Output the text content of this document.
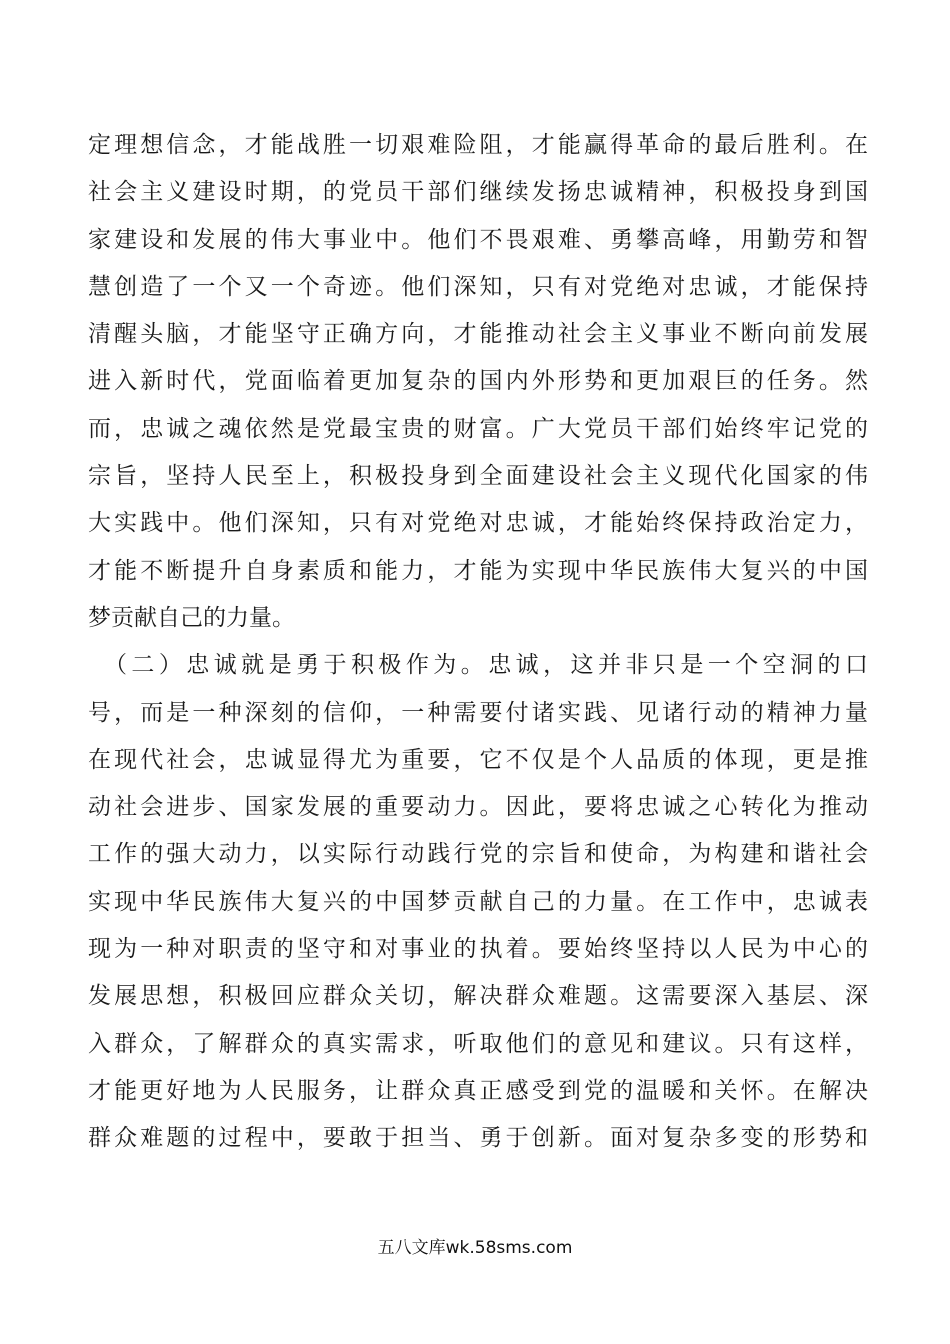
定理想信念，才能战胜一切艰难险阻，才能赢得革命的最后胜利。在
社会主义建设时期，的党员干部们继续发扬忠诚精神，积极投身到国
家建设和发展的伟大事业中。他们不畏艰难、勇攀高峰，用勤劳和智
慧创造了一个又一个奇迹。他们深知，只有对党绝对忠诚，才能保持
清醒头脑，才能坚守正确方向，才能推动社会主义事业不断向前发展
进入新时代，党面临着更加复杂的国内外形势和更加艰巨的任务。然
而，忠诚之魂依然是党最宝贵的财富。广大党员干部们始终牢记党的
宗旨，坚持人民至上，积极投身到全面建设社会主义现代化国家的伟
大实践中。他们深知，只有对党绝对忠诚，才能始终保持政治定力，
才能不断提升自身素质和能力，才能为实现中华民族伟大复兴的中国
梦贡献自己的力量。
　（二）忠诚就是勇于积极作为。忠诚，这并非只是一个空洞的口
号，而是一种深刻的信仰，一种需要付诸实践、见诸行动的精神力量
在现代社会，忠诚显得尤为重要，它不仅是个人品质的体现，更是推
动社会进步、国家发展的重要动力。因此，要将忠诚之心转化为推动
工作的强大动力，以实际行动践行党的宗旨和使命，为构建和谐社会
实现中华民族伟大复兴的中国梦贡献自己的力量。在工作中，忠诚表
现为一种对职责的坚守和对事业的执着。要始终坚持以人民为中心的
发展思想，积极回应群众关切，解决群众难题。这需要深入基层、深
入群众，了解群众的真实需求，听取他们的意见和建议。只有这样，
才能更好地为人民服务，让群众真正感受到党的温暖和关怀。在解决
群众难题的过程中，要敢于担当、勇于创新。面对复杂多变的形势和
五八文库wk.58sms.com
